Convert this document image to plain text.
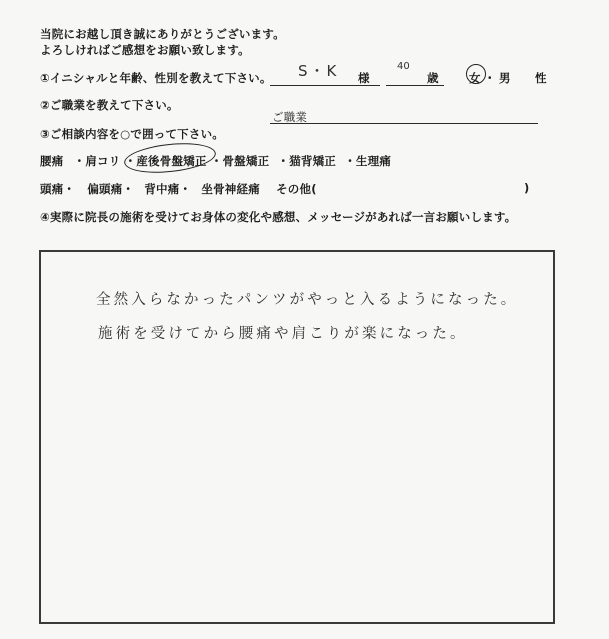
当院にお越し頂き誠にありがとうございます。
よろしければご感想をお願い致します。
①イニシャルと年齢、性別を教えて下さい。 S・K 様
40
歳	女 ・ 男 性
②ご職業を教えて下さい。
ご職業
③ご相談内容を○で囲って下さい。
腰痛 ・肩コリ ・産後骨盤矯正 ・骨盤矯正 ・猫背矯正 ・生理痛
頭痛・ 偏頭痛・ 背中痛・ 坐骨神経痛 その他(	)
④実際に院長の施術を受けてお身体の変化や感想、メッセージがあれば一言お願いします。
全然入らなかったパンツがやっと入るようになった。
施術を受けてから腰痛や肩こりが楽になった。
